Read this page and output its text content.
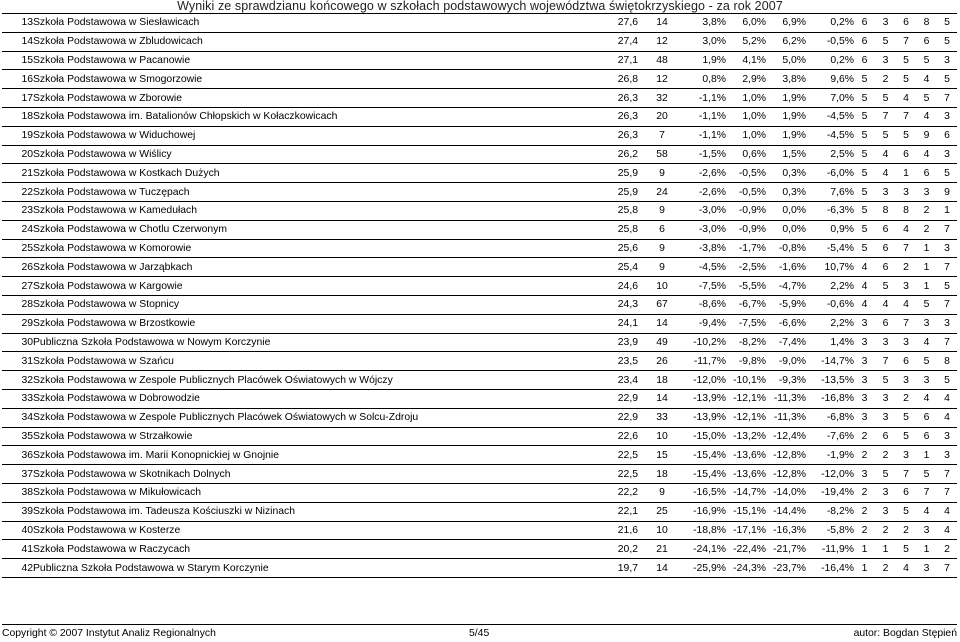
Wyniki ze sprawdzianu końcowego w szkołach podstawowych województwa świętokrzyskiego - za rok 2007
13	Szkoła Podstawowa w Siesławicach	27,6	14	3,8%	6,0%	6,9%	0,2%	6	3	6	8	5
14	Szkoła Podstawowa w Zbludowicach	27,4	12	3,0%	5,2%	6,2%	-0,5%	6	5	7	6	5
15	Szkoła Podstawowa w Pacanowie	27,1	48	1,9%	4,1%	5,0%	0,2%	6	3	5	5	3
16	Szkoła Podstawowa w Smogorzowie	26,8	12	0,8%	2,9%	3,8%	9,6%	5	2	5	4	5
17	Szkoła Podstawowa w Zborowie	26,3	32	-1,1%	1,0%	1,9%	7,0%	5	5	4	5	7
18	Szkoła Podstawowa im. Batalionów Chłopskich w Kołaczkowicach	26,3	20	-1,1%	1,0%	1,9%	-4,5%	5	7	7	4	3
19	Szkoła Podstawowa w Widuchowej	26,3	7	-1,1%	1,0%	1,9%	-4,5%	5	5	5	9	6
20	Szkoła Podstawowa w Wiślicy	26,2	58	-1,5%	0,6%	1,5%	2,5%	5	4	6	4	3
21	Szkoła Podstawowa w Kostkach Dużych	25,9	9	-2,6%	-0,5%	0,3%	-6,0%	5	4	1	6	5
22	Szkoła Podstawowa w Tuczępach	25,9	24	-2,6%	-0,5%	0,3%	7,6%	5	3	3	3	9
23	Szkoła Podstawowa w Kamedułach	25,8	9	-3,0%	-0,9%	0,0%	-6,3%	5	8	8	2	1
24	Szkoła Podstawowa w Chotlu Czerwonym	25,8	6	-3,0%	-0,9%	0,0%	0,9%	5	6	4	2	7
25	Szkoła Podstawowa w Komorowie	25,6	9	-3,8%	-1,7%	-0,8%	-5,4%	5	6	7	1	3
26	Szkoła Podstawowa w Jarząbkach	25,4	9	-4,5%	-2,5%	-1,6%	10,7%	4	6	2	1	7
27	Szkoła Podstawowa w Kargowie	24,6	10	-7,5%	-5,5%	-4,7%	2,2%	4	5	3	1	5
28	Szkoła Podstawowa w Stopnicy	24,3	67	-8,6%	-6,7%	-5,9%	-0,6%	4	4	4	5	7
29	Szkoła Podstawowa w Brzostkowie	24,1	14	-9,4%	-7,5%	-6,6%	2,2%	3	6	7	3	3
30	Publiczna Szkoła Podstawowa w Nowym Korczynie	23,9	49	-10,2%	-8,2%	-7,4%	1,4%	3	3	3	4	7
31	Szkoła Podstawowa w Szańcu	23,5	26	-11,7%	-9,8%	-9,0%	-14,7%	3	7	6	5	8
32	Szkoła Podstawowa w Zespole Publicznych Placówek Oświatowych w Wójczy	23,4	18	-12,0%	-10,1%	-9,3%	-13,5%	3	5	3	3	5
33	Szkoła Podstawowa w Dobrowodzie	22,9	14	-13,9%	-12,1%	-11,3%	-16,8%	3	3	2	4	4
34	Szkoła Podstawowa w Zespole Publicznych Placówek Oświatowych w Solcu-Zdroju	22,9	33	-13,9%	-12,1%	-11,3%	-6,8%	3	3	5	6	4
35	Szkoła Podstawowa w Strzałkowie	22,6	10	-15,0%	-13,2%	-12,4%	-7,6%	2	6	5	6	3
36	Szkoła Podstawowa im. Marii Konopnickiej w Gnojnie	22,5	15	-15,4%	-13,6%	-12,8%	-1,9%	2	2	3	1	3
37	Szkoła Podstawowa w Skotnikach Dolnych	22,5	18	-15,4%	-13,6%	-12,8%	-12,0%	3	5	7	5	7
38	Szkoła Podstawowa w Mikułowicach	22,2	9	-16,5%	-14,7%	-14,0%	-19,4%	2	3	6	7	7
39	Szkoła Podstawowa im. Tadeusza Kościuszki w Nizinach	22,1	25	-16,9%	-15,1%	-14,4%	-8,2%	2	3	5	4	4
40	Szkoła Podstawowa w Kosterze	21,6	10	-18,8%	-17,1%	-16,3%	-5,8%	2	2	2	3	4
41	Szkoła Podstawowa w Raczycach	20,2	21	-24,1%	-22,4%	-21,7%	-11,9%	1	1	5	1	2
42	Publiczna Szkoła Podstawowa w Starym Korczynie	19,7	14	-25,9%	-24,3%	-23,7%	-16,4%	1	2	4	3	7
Copyright © 2007 Instytut Analiz Regionalnych	5/45	autor: Bogdan Stępień
